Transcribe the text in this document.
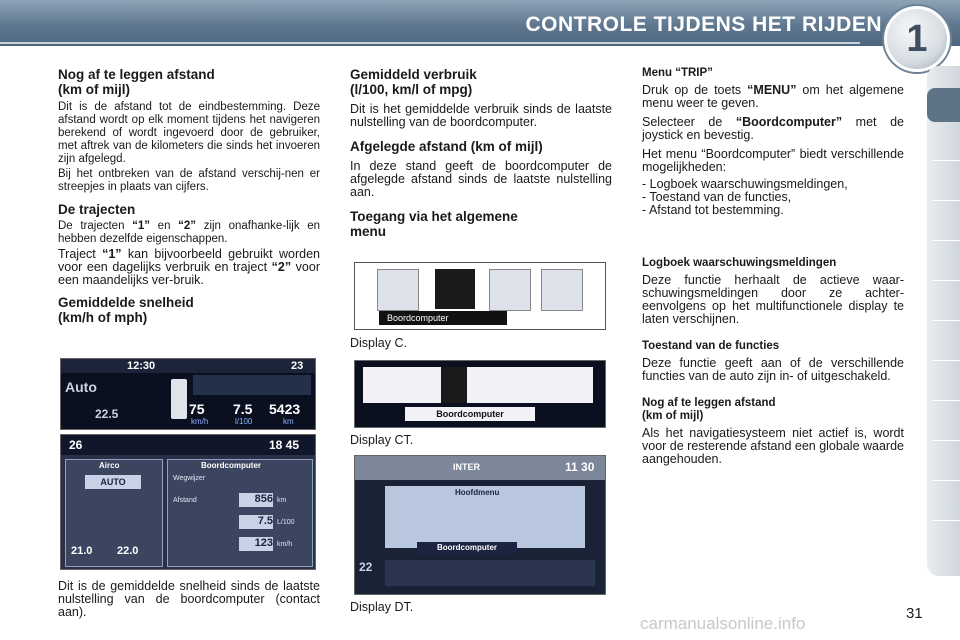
CONTROLE TIJDENS HET RIJDEN 1
Nog af te leggen afstand
(km of mijl)
Dit is de afstand tot de eindbestemming. Deze afstand wordt op elk moment tijdens het navigeren berekend of wordt ingevoerd door de gebruiker, met aftrek van de kilometers die sinds het invoeren zijn afgelegd.
Bij het ontbreken van de afstand verschij-nen er streepjes in plaats van cijfers.
De trajecten
De trajecten “1” en “2” zijn onafhanke-lijk en hebben dezelfde eigenschappen.
Traject “1” kan bijvoorbeeld gebruikt worden voor een dagelijks verbruik en traject “2” voor een maandelijks ver-bruik.
Gemiddelde snelheid
(km/h of mph)
12:30	23
Auto
22.5	75
km/h
7.5
l/100
5423
km
26	18 45
Airco
AUTO
21.0 22.0
Boordcomputer
Wegwijzer
Afstand	856 km
7.5 L/100
123 km/h
Dit is de gemiddelde snelheid sinds de laatste nulstelling van de boordcomputer (contact aan).
Gemiddeld verbruik
(l/100, km/l of mpg)
Dit is het gemiddelde verbruik sinds de laatste nulstelling van de boordcomputer.
Afgelegde afstand (km of mijl)
In deze stand geeft de boordcomputer de afgelegde afstand sinds de laatste nulstelling aan.
Toegang via het algemene
menu
Boordcomputer
Display C.
Boordcomputer
Display CT.
INTER	11 30
22
Hoofdmenu
Boordcomputer
Display DT.
Menu “TRIP”
Druk op de toets “MENU” om het algemene menu weer te geven.
Selecteer de “Boordcomputer” met de joystick en bevestig.
Het menu “Boordcomputer” biedt verschillende mogelijkheden:
- Logboek waarschuwingsmeldingen,
- Toestand van de functies,
- Afstand tot bestemming.
Logboek waarschuwingsmeldingen
Deze functie herhaalt de actieve waar-schuwingsmeldingen door ze achter-eenvolgens op het multifunctionele display te laten verschijnen.
Toestand van de functies
Deze functie geeft aan of de verschillende functies van de auto zijn in- of uitgeschakeld.
Nog af te leggen afstand
(km of mijl)
Als het navigatiesysteem niet actief is, wordt voor de resterende afstand een globale waarde aangehouden.
carmanualsonline.info
31
